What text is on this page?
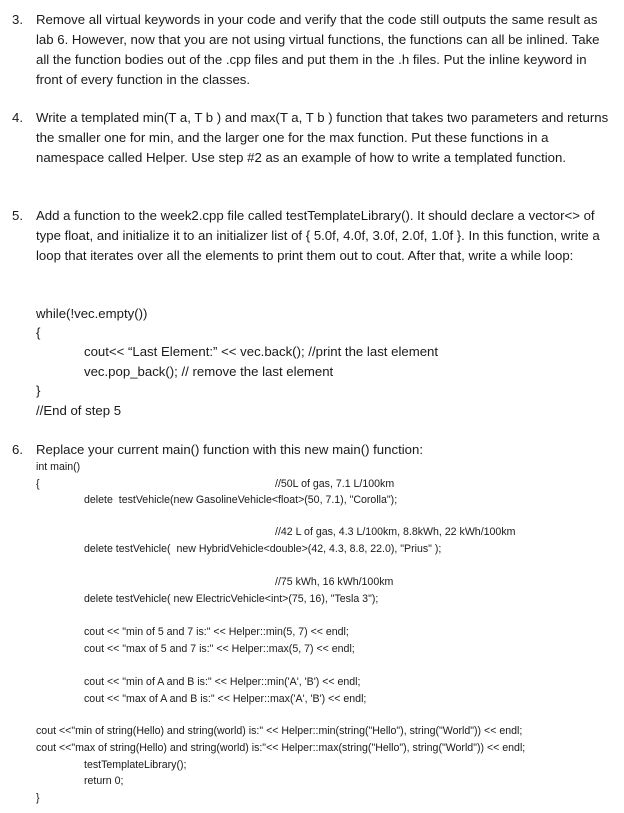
3. Remove all virtual keywords in your code and verify that the code still outputs the same result as lab 6. However, now that you are not using virtual functions, the functions can all be inlined. Take all the function bodies out of the .cpp files and put them in the .h files. Put the inline keyword in front of every function in the classes.
4. Write a templated min(T a, T b ) and max(T a, T b ) function that takes two parameters and returns the smaller one for min, and the larger one for the max function. Put these functions in a namespace called Helper. Use step #2 as an example of how to write a templated function.
5. Add a function to the week2.cpp file called testTemplateLibrary(). It should declare a vector<> of type float, and initialize it to an initializer list of { 5.0f, 4.0f, 3.0f, 2.0f, 1.0f }. In this function, write a loop that iterates over all the elements to print them out to cout. After that, write a while loop:
while(!vec.empty())
{
cout<< “Last Element:” << vec.back(); //print the last element
vec.pop_back(); // remove the last element
}
//End of step 5
6. Replace your current main() function with this new main() function:
int main()
{	//50L of gas, 7.1 L/100km
delete  testVehicle(new GasolineVehicle<float>(50, 7.1), "Corolla");
//42 L of gas, 4.3 L/100km, 8.8kWh, 22 kWh/100km
delete testVehicle(  new HybridVehicle<double>(42, 4.3, 8.8, 22.0), "Prius" );
//75 kWh, 16 kWh/100km
delete testVehicle( new ElectricVehicle<int>(75, 16), "Tesla 3");
cout << "min of 5 and 7 is:" << Helper::min(5, 7) << endl;
cout << "max of 5 and 7 is:" << Helper::max(5, 7) << endl;
cout << "min of A and B is:" << Helper::min('A', 'B') << endl;
cout << "max of A and B is:" << Helper::max('A', 'B') << endl;
cout <<"min of string(Hello) and string(world) is:" << Helper::min(string("Hello"), string("World")) << endl;
cout <<"max of string(Hello) and string(world) is:"<< Helper::max(string("Hello"), string("World")) << endl;
testTemplateLibrary();
return 0;
}
